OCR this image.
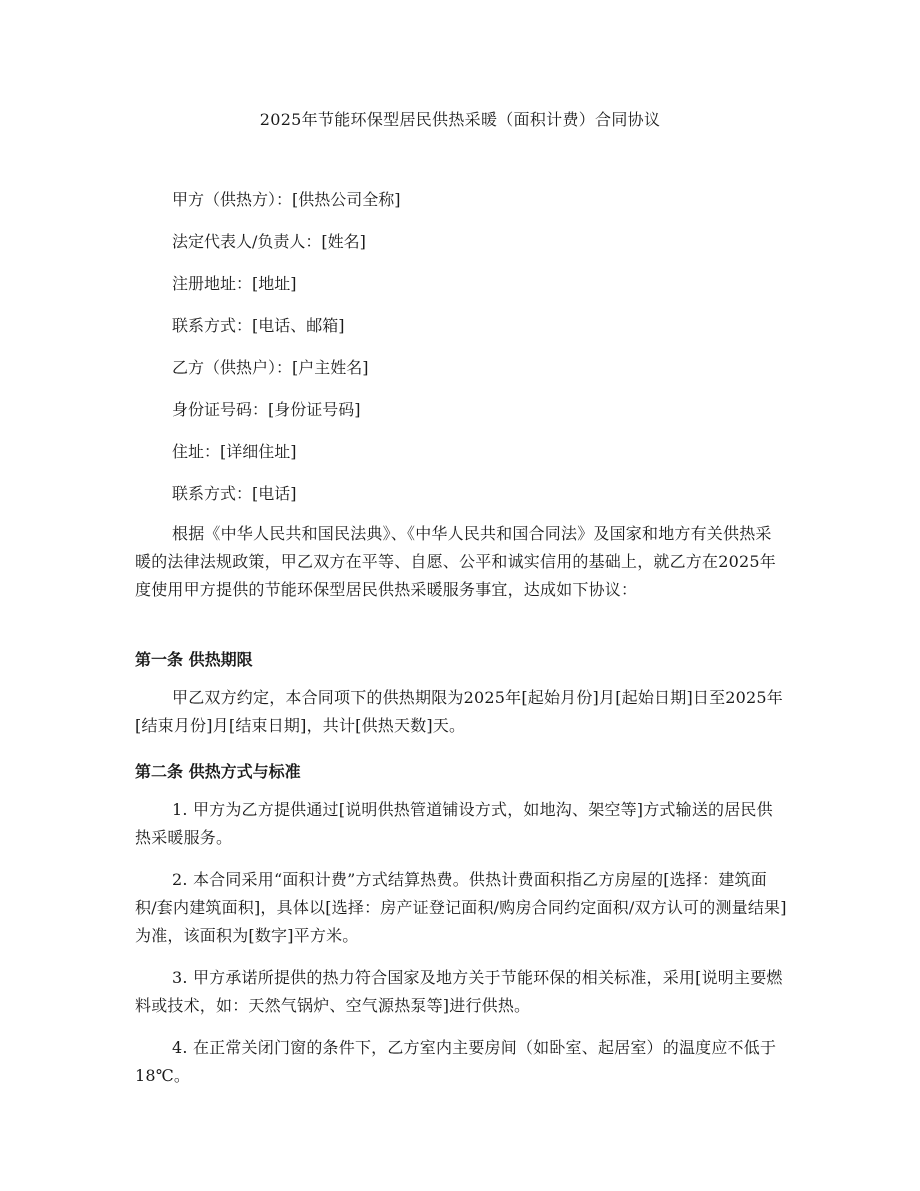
2025年节能环保型居民供热采暖（面积计费）合同协议
甲方（供热方）：[供热公司全称]
法定代表人/负责人：[姓名]
注册地址：[地址]
联系方式：[电话、邮箱]
乙方（供热户）：[户主姓名]
身份证号码：[身份证号码]
住址：[详细住址]
联系方式：[电话]
根据《中华人民共和国民法典》、《中华人民共和国合同法》及国家和地方有关供热采暖的法律法规政策，甲乙双方在平等、自愿、公平和诚实信用的基础上，就乙方在2025年度使用甲方提供的节能环保型居民供热采暖服务事宜，达成如下协议：
第一条 供热期限
甲乙双方约定，本合同项下的供热期限为2025年[起始月份]月[起始日期]日至2025年[结束月份]月[结束日期]，共计[供热天数]天。
第二条 供热方式与标准
1. 甲方为乙方提供通过[说明供热管道铺设方式，如地沟、架空等]方式输送的居民供热采暖服务。
2. 本合同采用“面积计费”方式结算热费。供热计费面积指乙方房屋的[选择：建筑面积/套内建筑面积]，具体以[选择：房产证登记面积/购房合同约定面积/双方认可的测量结果]为准，该面积为[数字]平方米。
3. 甲方承诺所提供的热力符合国家及地方关于节能环保的相关标准，采用[说明主要燃料或技术，如：天然气锅炉、空气源热泵等]进行供热。
4. 在正常关闭门窗的条件下，乙方室内主要房间（如卧室、起居室）的温度应不低于18℃。
